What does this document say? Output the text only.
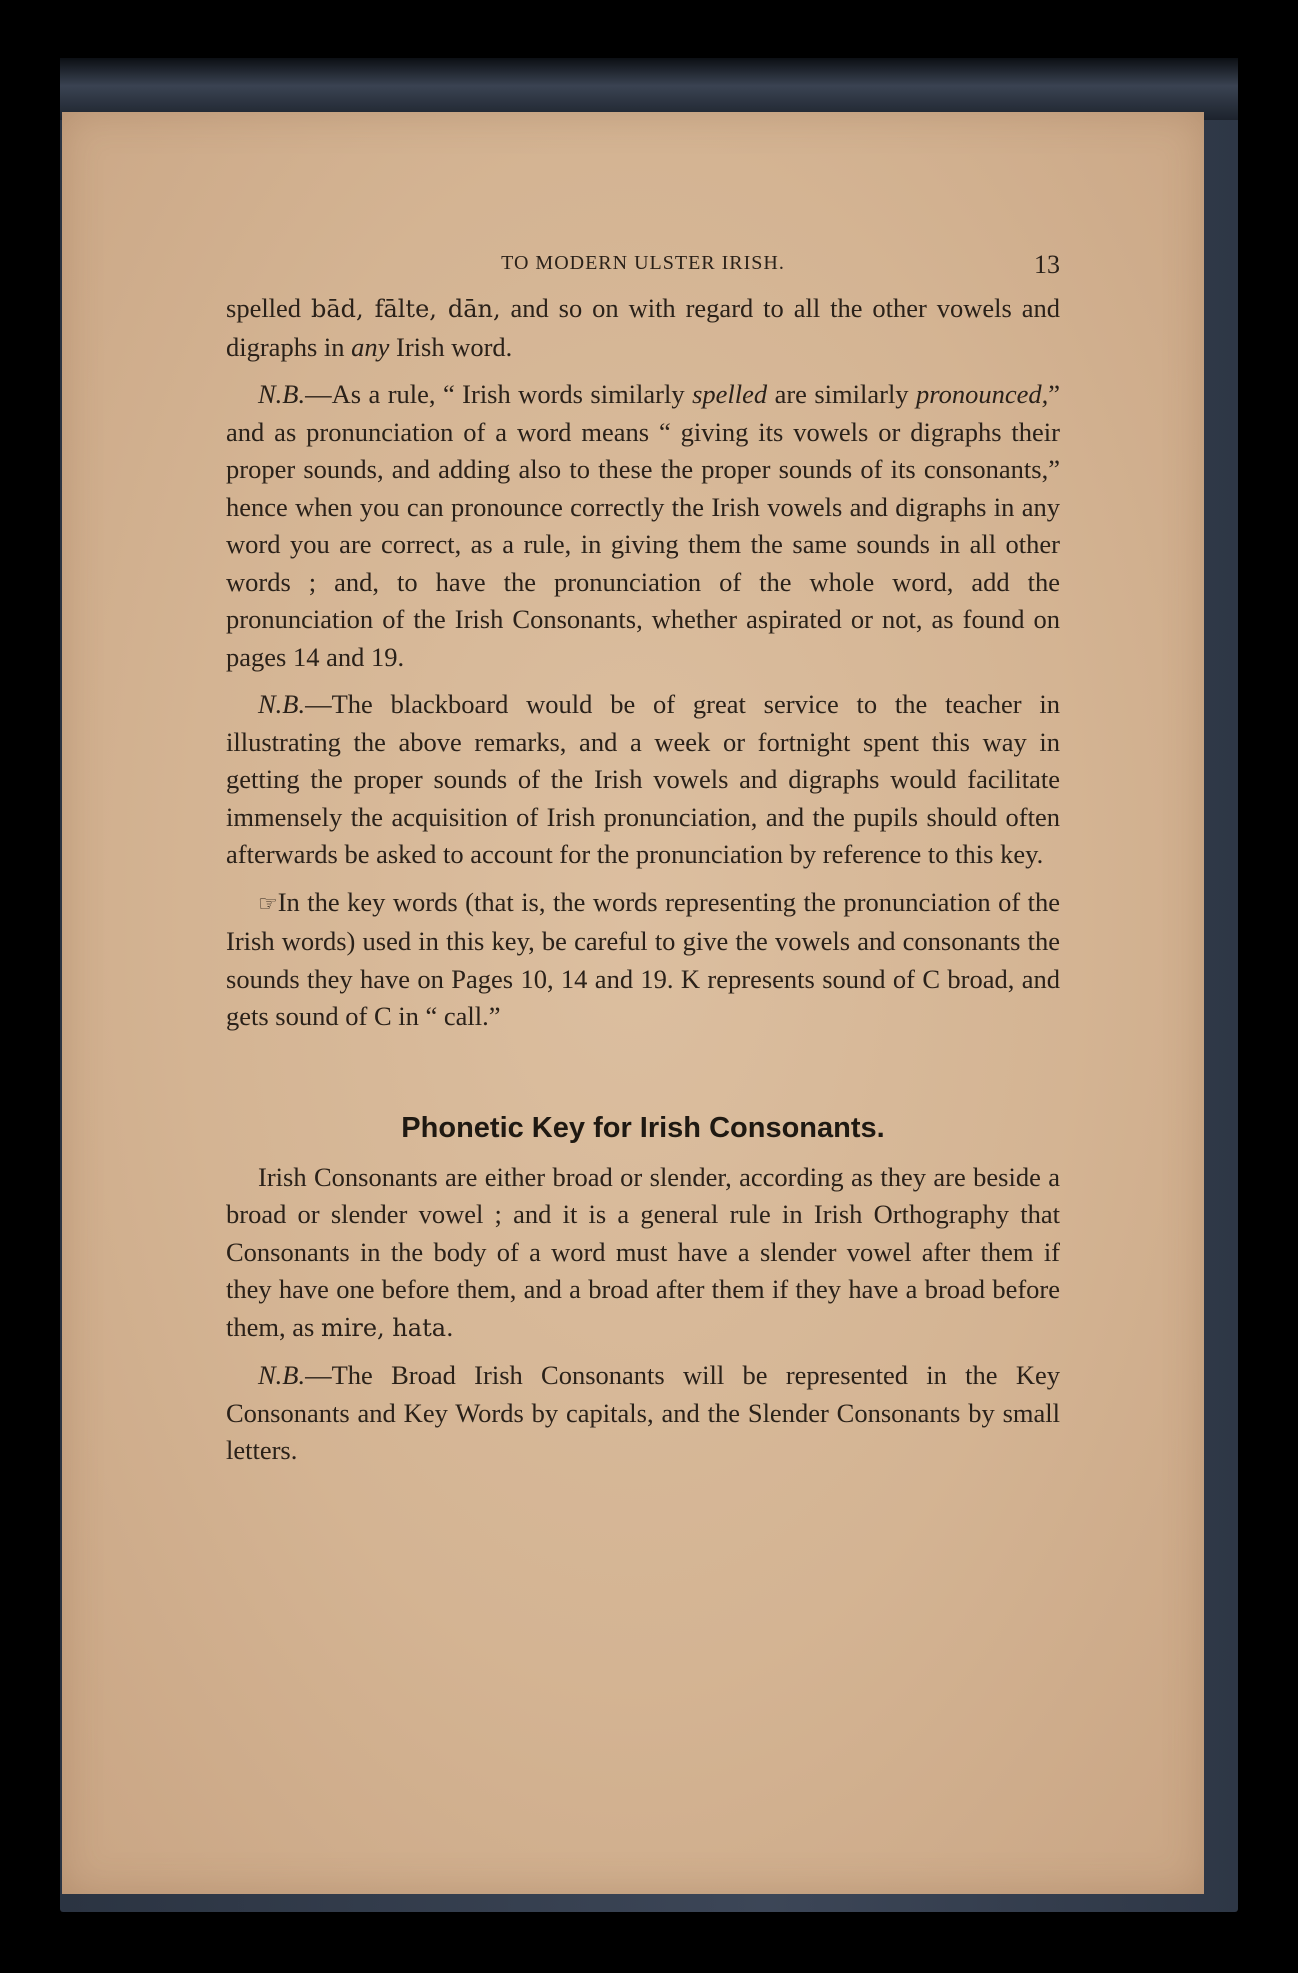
TO MODERN ULSTER IRISH.	13

spelled bād, fālte, dān, and so on with regard to all the other vowels and digraphs in any Irish word.

N.B.—As a rule, “ Irish words similarly spelled are similarly pronounced,” and as pronunciation of a word means “ giving its vowels or digraphs their proper sounds, and adding also to these the proper sounds of its consonants,” hence when you can pronounce correctly the Irish vowels and digraphs in any word you are correct, as a rule, in giving them the same sounds in all other words ; and, to have the pronunciation of the whole word, add the pronunciation of the Irish Consonants, whether aspirated or not, as found on pages 14 and 19.

N.B.—The blackboard would be of great service to the teacher in illustrating the above remarks, and a week or fortnight spent this way in getting the proper sounds of the Irish vowels and digraphs would facilitate immensely the acquisition of Irish pronunciation, and the pupils should often afterwards be asked to account for the pronunciation by reference to this key.

☞In the key words (that is, the words representing the pronunciation of the Irish words) used in this key, be careful to give the vowels and consonants the sounds they have on Pages 10, 14 and 19. K represents sound of C broad, and gets sound of C in “ call.”

Phonetic Key for Irish Consonants.

Irish Consonants are either broad or slender, according as they are beside a broad or slender vowel ; and it is a general rule in Irish Orthography that Consonants in the body of a word must have a slender vowel after them if they have one before them, and a broad after them if they have a broad before them, as mire, hata.

N.B.—The Broad Irish Consonants will be represented in the Key Consonants and Key Words by capitals, and the Slender Consonants by small letters.
